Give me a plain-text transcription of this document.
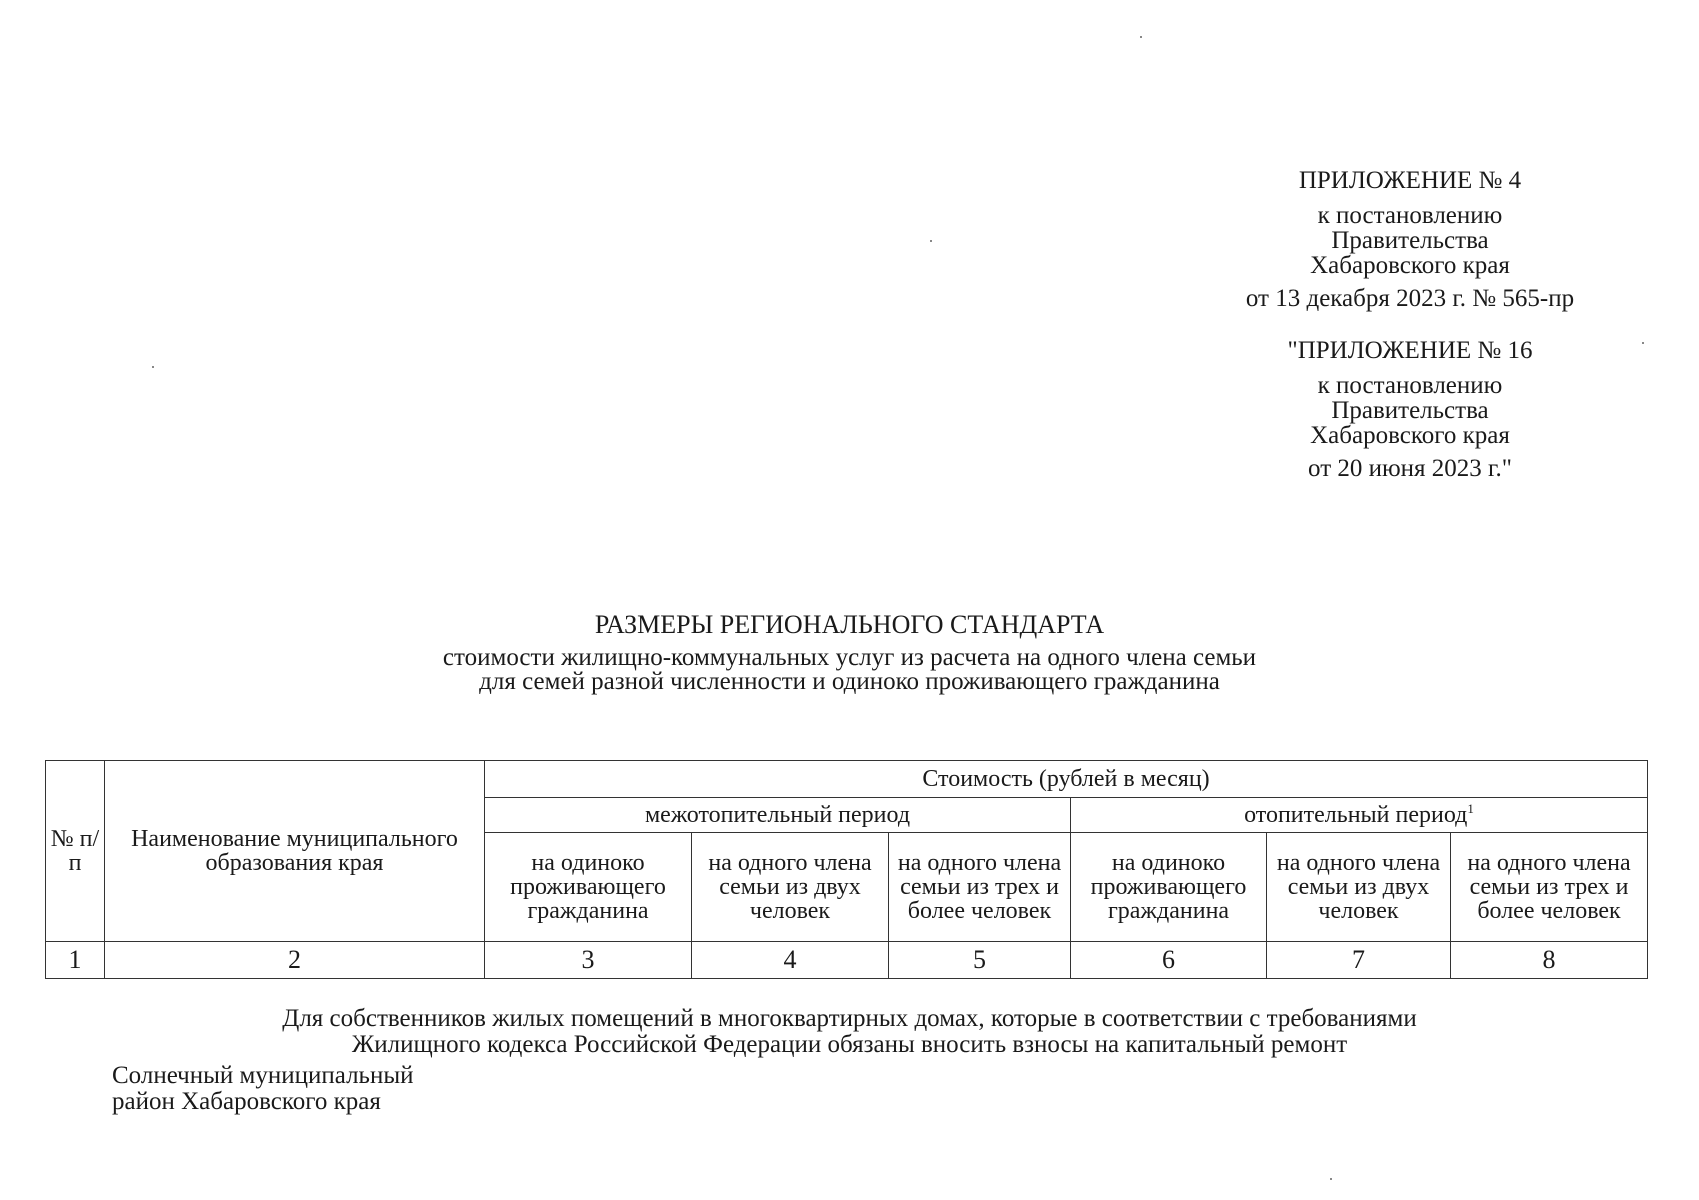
ПРИЛОЖЕНИЕ № 4
к постановлению
Правительства
Хабаровского края
от 13 декабря 2023 г. № 565-пр
"ПРИЛОЖЕНИЕ № 16
к постановлению
Правительства
Хабаровского края
от 20 июня 2023 г."
РАЗМЕРЫ РЕГИОНАЛЬНОГО СТАНДАРТА
стоимости жилищно-коммунальных услуг из расчета на одного члена семьи
для семей разной численности и одиноко проживающего гражданина
№ п/п	Наименование муниципального образования края	Стоимость (рублей в месяц)					
		межотопительный период			отопительный период$^1$
		на одиноко проживающего гражданина	на одного члена семьи из двух человек	на одного члена семьи из трех и более человек	на одиноко проживающего гражданина	на одного члена семьи из двух человек	на одного члена семьи из трех и более человек
1	2	3	4	5	6	7	8
Для собственников жилых помещений в многоквартирных домах, которые в соответствии с требованиями
Жилищного кодекса Российской Федерации обязаны вносить взносы на капитальный ремонт
Солнечный муниципальный
район Хабаровского края
